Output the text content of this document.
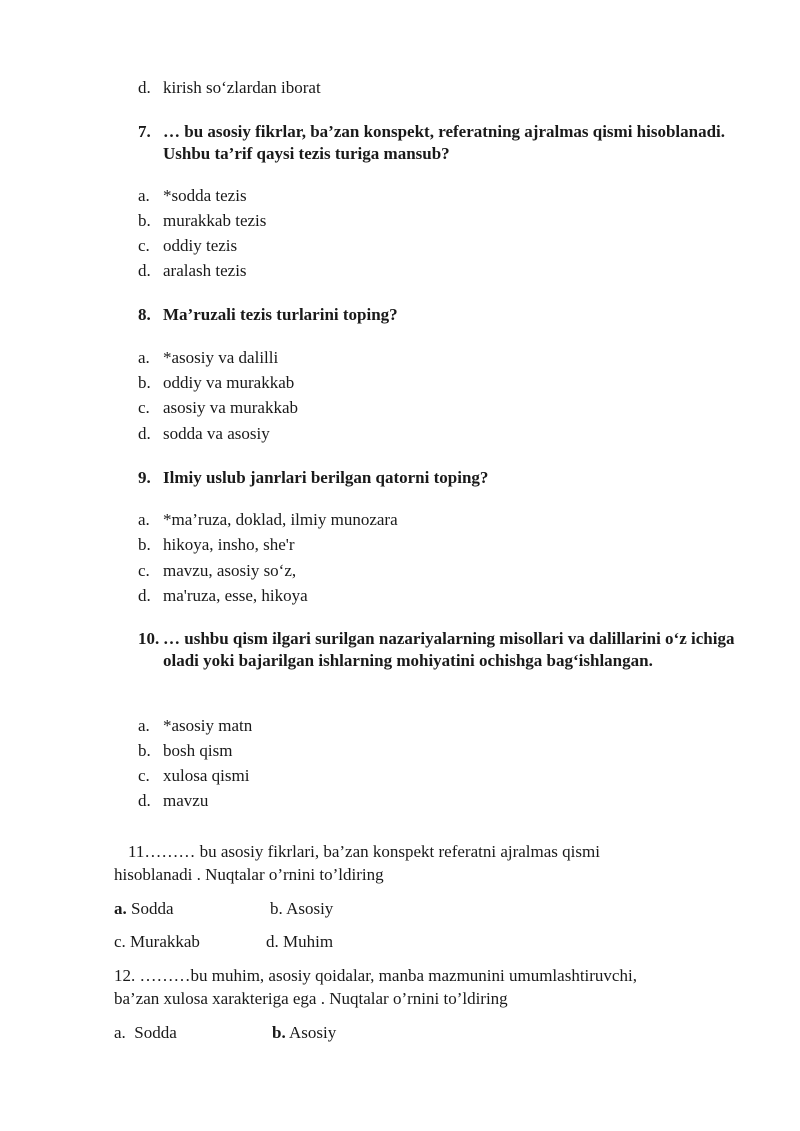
d. kirish so‘zlardan iborat
7. … bu asosiy fikrlar, ba’zan konspekt, referatning ajralmas qismi hisoblanadi. Ushbu ta’rif qaysi tezis turiga mansub?
a. *sodda tezis
b. murakkab tezis
c. oddiy tezis
d. aralash tezis
8. Ma’ruzali tezis turlarini toping?
a. *asosiy va dalilli
b. oddiy va murakkab
c. asosiy va murakkab
d. sodda va asosiy
9. Ilmiy uslub janrlari berilgan qatorni toping?
a. *ma’ruza, doklad, ilmiy munozara
b. hikoya, insho, she'r
c. mavzu, asosiy so‘z,
d. ma'ruza, esse, hikoya
10. … ushbu qism ilgari surilgan nazariyalarning misollari va dalillarini o‘z ichiga oladi yoki bajarilgan ishlarning mohiyatini ochishga bag‘ishlangan.
a. *asosiy matn
b. bosh qism
c. xulosa qismi
d. mavzu
11……… bu asosiy fikrlari, ba’zan konspekt referatni ajralmas qismi
hisoblanadi . Nuqtalar o’rnini to’ldiring
a. Sodda	b. Asosiy
c. Murakkab	d. Muhim
12. ………bu muhim, asosiy qoidalar, manba mazmunini umumlashtiruvchi,
ba’zan xulosa xarakteriga ega . Nuqtalar o’rnini to’ldiring
a. Sodda	b. Asosiy
